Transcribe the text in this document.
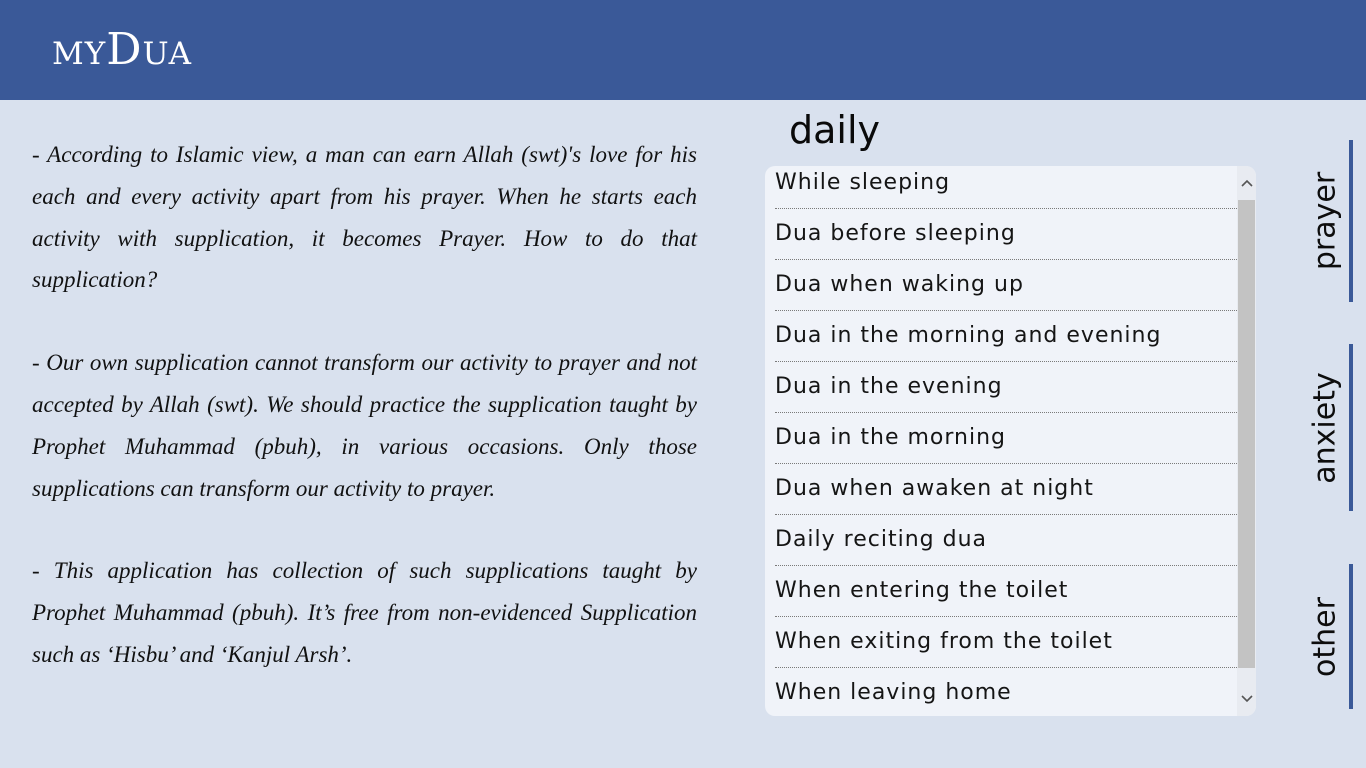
myDua

- According to Islamic view, a man can earn Allah (swt)'s love for his each and every activity apart from his prayer. When he starts each activity with supplication, it becomes Prayer. How to do that supplication?

- Our own supplication cannot transform our activity to prayer and not accepted by Allah (swt). We should practice the supplication taught by Prophet Muhammad (pbuh), in various occasions. Only those supplications can transform our activity to prayer.

- This application has collection of such supplications taught by Prophet Muhammad (pbuh). It’s free from non-evidenced Supplication such as ‘Hisbu’ and ‘Kanjul Arsh’.

daily
While sleeping
Dua before sleeping
Dua when waking up
Dua in the morning and evening
Dua in the evening
Dua in the morning
Dua when awaken at night
Daily reciting dua
When entering the toilet
When exiting from the toilet
When leaving home
prayer
anxiety
other
